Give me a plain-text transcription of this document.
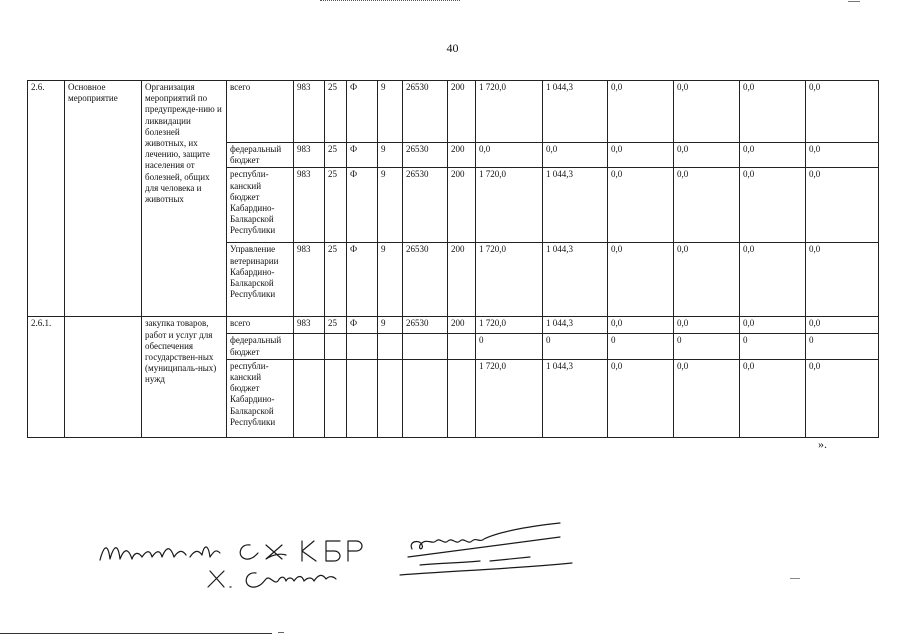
40
2.6.	Основное мероприятие	Организация мероприятий по предупрежде-нию и ликвидации болезней животных, их лечению, защите населения от болезней, общих для человека и животных	всего	983	25	Ф	9	26530	200	1 720,0	1 044,3	0,0	0,0	0,0	0,0
			федеральный бюджет	983	25	Ф	9	26530	200	0,0	0,0	0,0	0,0	0,0	0,0
			республи-канский бюджет Кабардино-Балкарской Республики	983	25	Ф	9	26530	200	1 720,0	1 044,3	0,0	0,0	0,0	0,0
			Управление ветеринарии Кабардино-Балкарской Республики	983	25	Ф	9	26530	200	1 720,0	1 044,3	0,0	0,0	0,0	0,0
2.6.1.		закупка товаров, работ и услуг для обеспечения государствен-ных (муниципаль-ных) нужд	всего	983	25	Ф	9	26530	200	1 720,0	1 044,3	0,0	0,0	0,0	0,0
			федеральный бюджет							0	0	0	0	0	0
			республи-канский бюджет Кабардино-Балкарской Республики							1 720,0	1 044,3	0,0	0,0	0,0	0,0
».
